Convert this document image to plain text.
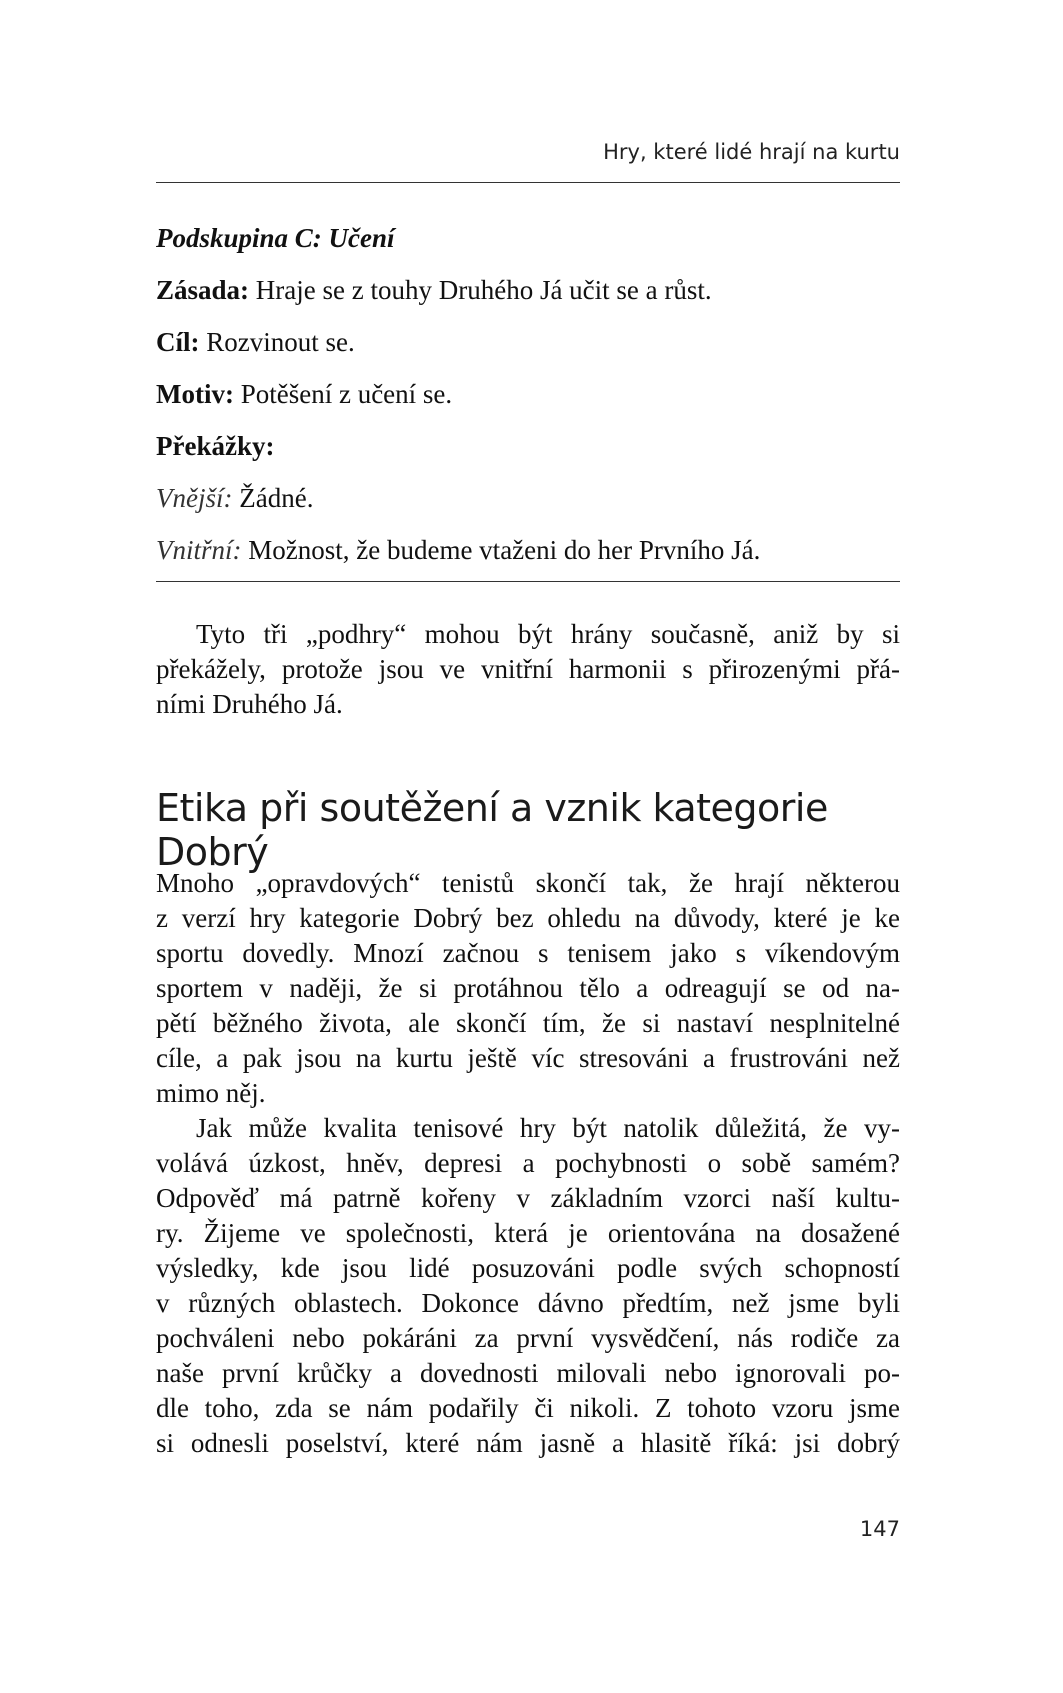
Hry, které lidé hrají na kurtu
Podskupina C: Učení
Zásada: Hraje se z touhy Druhého Já učit se a růst.
Cíl: Rozvinout se.
Motiv: Potěšení z učení se.
Překážky:
Vnější: Žádné.
Vnitřní: Možnost, že budeme vtaženi do her Prvního Já.
Tyto tři „podhry“ mohou být hrány současně, aniž by si
překážely, protože jsou ve vnitřní harmonii s přirozenými přá-
ními Druhého Já.
Etika při soutěžení a vznik kategorie Dobrý
Mnoho „opravdových“ tenistů skončí tak, že hrají některou
z verzí hry kategorie Dobrý bez ohledu na důvody, které je ke
sportu dovedly. Mnozí začnou s tenisem jako s víkendovým
sportem v naději, že si protáhnou tělo a odreagují se od na-
pětí běžného života, ale skončí tím, že si nastaví nesplnitelné
cíle, a pak jsou na kurtu ještě víc stresováni a frustrováni než
mimo něj.
Jak může kvalita tenisové hry být natolik důležitá, že vy-
volává úzkost, hněv, depresi a pochybnosti o sobě samém?
Odpověď má patrně kořeny v základním vzorci naší kultu-
ry. Žijeme ve společnosti, která je orientována na dosažené
výsledky, kde jsou lidé posuzováni podle svých schopností
v různých oblastech. Dokonce dávno předtím, než jsme byli
pochváleni nebo pokáráni za první vysvědčení, nás rodiče za
naše první krůčky a dovednosti milovali nebo ignorovali po-
dle toho, zda se nám podařily či nikoli. Z tohoto vzoru jsme
si odnesli poselství, které nám jasně a hlasitě říká: jsi dobrý
147
